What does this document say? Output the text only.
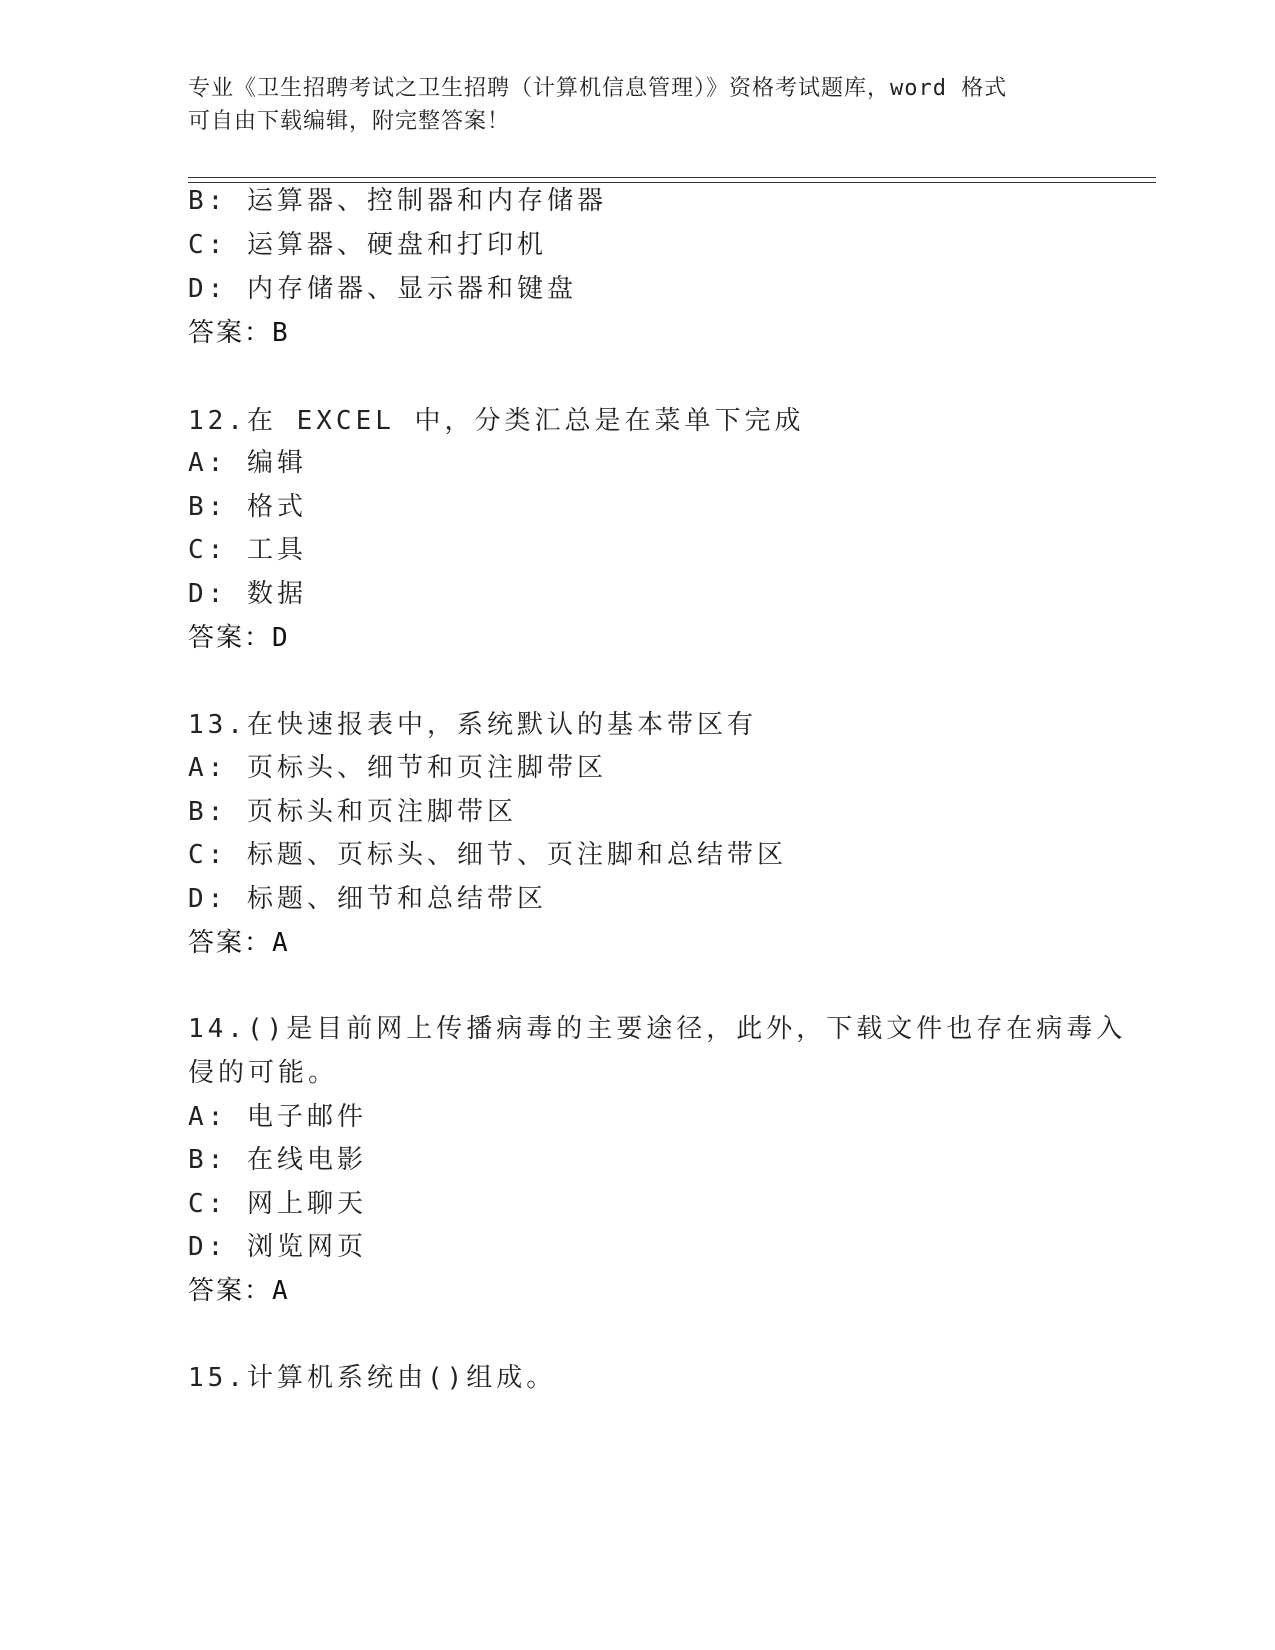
专业《卫生招聘考试之卫生招聘（计算机信息管理）》资格考试题库，word 格式
可自由下载编辑，附完整答案！
B: 运算器、控制器和内存储器
C: 运算器、硬盘和打印机
D: 内存储器、显示器和键盘
答案：B
12.在 EXCEL 中，分类汇总是在菜单下完成
A: 编辑
B: 格式
C: 工具
D: 数据
答案：D
13.在快速报表中，系统默认的基本带区有
A: 页标头、细节和页注脚带区
B: 页标头和页注脚带区
C: 标题、页标头、细节、页注脚和总结带区
D: 标题、细节和总结带区
答案：A
14.()是目前网上传播病毒的主要途径，此外，下载文件也存在病毒入
侵的可能。
A: 电子邮件
B: 在线电影
C: 网上聊天
D: 浏览网页
答案：A
15.计算机系统由()组成。
